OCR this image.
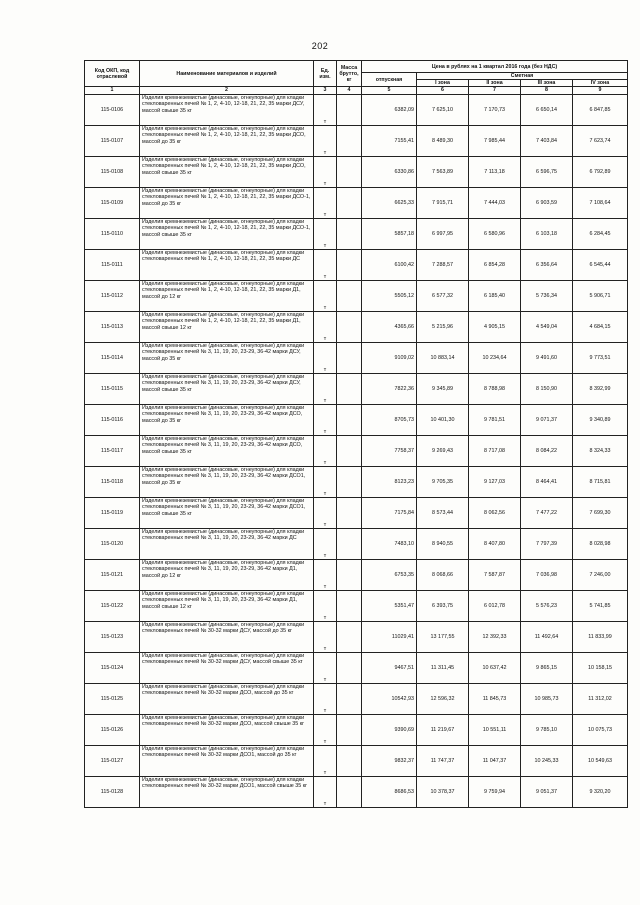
202
Код ОКП, код отраслевой	Наименование материалов и изделий	Ед. изм.	Масса брутто, кг	Цена в рублях на 1 квартал 2016 года (без НДС)				
				отпускная	Сметная			
					I зона	II зона	III зона	IV зона
1	2	3	4	5	6	7	8	9
115-0106	Изделия кремнеземистые (динасовые, огнеупорные) для кладки стекловаренных печей № 1, 2, 4-10, 12-18, 21, 22, 35 марки ДСУ, массой свыше 35 кг	т		6382,09	7 625,10	7 170,73	6 650,14	6 847,85
115-0107	Изделия кремнеземистые (динасовые, огнеупорные) для кладки стекловаренных печей № 1, 2, 4-10, 12-18, 21, 22, 35 марки ДСО, массой до 35 кг	т		7155,41	8 489,30	7 985,44	7 403,84	7 623,74
115-0108	Изделия кремнеземистые (динасовые, огнеупорные) для кладки стекловаренных печей № 1, 2, 4-10, 12-18, 21, 22, 35 марки ДСО, массой свыше 35 кг	т		6330,86	7 563,89	7 113,18	6 596,75	6 792,89
115-0109	Изделия кремнеземистые (динасовые, огнеупорные) для кладки стекловаренных печей № 1, 2, 4-10, 12-18, 21, 22, 35 марки ДСО-1, массой до 35 кг	т		6625,33	7 915,71	7 444,03	6 903,59	7 108,64
115-0110	Изделия кремнеземистые (динасовые, огнеупорные) для кладки стекловаренных печей № 1, 2, 4-10, 12-18, 21, 22, 35 марки ДСО-1, массой свыше 35 кг	т		5857,18	6 997,95	6 580,96	6 103,18	6 284,45
115-0111	Изделия кремнеземистые (динасовые, огнеупорные) для кладки стекловаренных печей № 1, 2, 4-10, 12-18, 21, 22, 35 марки ДС	т		6100,42	7 288,57	6 854,28	6 356,64	6 545,44
115-0112	Изделия кремнеземистые (динасовые, огнеупорные) для кладки стекловаренных печей № 1, 2, 4-10, 12-18, 21, 22, 35 марки Д1, массой до 12 кг	т		5505,12	6 577,32	6 185,40	5 736,34	5 906,71
115-0113	Изделия кремнеземистые (динасовые, огнеупорные) для кладки стекловаренных печей № 1, 2, 4-10, 12-18, 21, 22, 35 марки Д1, массой свыше 12 кг	т		4365,66	5 215,96	4 905,15	4 549,04	4 684,15
115-0114	Изделия кремнеземистые (динасовые, огнеупорные) для кладки стекловаренных печей № 3, 11, 19, 20, 23-29, 36-42 марки ДСУ, массой до 35 кг	т		9109,02	10 883,14	10 234,64	9 491,60	9 773,51
115-0115	Изделия кремнеземистые (динасовые, огнеупорные) для кладки стекловаренных печей № 3, 11, 19, 20, 23-29, 36-42 марки ДСУ, массой свыше 35 кг	т		7822,36	9 345,89	8 788,98	8 150,90	8 392,99
115-0116	Изделия кремнеземистые (динасовые, огнеупорные) для кладки стекловаренных печей № 3, 11, 19, 20, 23-29, 36-42 марки ДСО, массой до 35 кг	т		8705,73	10 401,30	9 781,51	9 071,37	9 340,89
115-0117	Изделия кремнеземистые (динасовые, огнеупорные) для кладки стекловаренных печей № 3, 11, 19, 20, 23-29, 36-42 марки ДСО, массой свыше 35 кг	т		7758,37	9 269,43	8 717,08	8 084,22	8 324,33
115-0118	Изделия кремнеземистые (динасовые, огнеупорные) для кладки стекловаренных печей № 3, 11, 19, 20, 23-29, 36-42 марки ДСО1, массой до 35 кг	т		8123,23	9 705,35	9 127,03	8 464,41	8 715,81
115-0119	Изделия кремнеземистые (динасовые, огнеупорные) для кладки стекловаренных печей № 3, 11, 19, 20, 23-29, 36-42 марки ДСО1, массой свыше 35 кг	т		7175,84	8 573,44	8 062,56	7 477,22	7 699,30
115-0120	Изделия кремнеземистые (динасовые, огнеупорные) для кладки стекловаренных печей № 3, 11, 19, 20, 23-29, 36-42 марки ДС	т		7483,10	8 940,55	8 407,80	7 797,39	8 028,98
115-0121	Изделия кремнеземистые (динасовые, огнеупорные) для кладки стекловаренных печей № 3, 11, 19, 20, 23-29, 36-42 марки Д1, массой до 12 кг	т		6753,35	8 068,66	7 587,87	7 036,98	7 246,00
115-0122	Изделия кремнеземистые (динасовые, огнеупорные) для кладки стекловаренных печей № 3, 11, 19, 20, 23-29, 36-42 марки Д1, массой свыше 12 кг	т		5351,47	6 393,75	6 012,78	5 576,23	5 741,85
115-0123	Изделия кремнеземистые (динасовые, огнеупорные) для кладки стекловаренных печей № 30-32 марки ДСУ, массой до 35 кг	т		11029,41	13 177,55	12 392,33	11 492,64	11 833,99
115-0124	Изделия кремнеземистые (динасовые, огнеупорные) для кладки стекловаренных печей № 30-32 марки ДСУ, массой свыше 35 кг	т		9467,51	11 311,45	10 637,42	9 865,15	10 158,15
115-0125	Изделия кремнеземистые (динасовые, огнеупорные) для кладки стекловаренных печей № 30-32 марки ДСО, массой до 35 кг	т		10542,93	12 596,32	11 845,73	10 985,73	11 312,02
115-0126	Изделия кремнеземистые (динасовые, огнеупорные) для кладки стекловаренных печей № 30-32 марки ДСО, массой свыше 35 кг	т		9390,69	11 219,67	10 551,11	9 785,10	10 075,73
115-0127	Изделия кремнеземистые (динасовые, огнеупорные) для кладки стекловаренных печей № 30-32 марки ДСО1, массой до 35 кг	т		9832,37	11 747,37	11 047,37	10 245,33	10 549,63
115-0128	Изделия кремнеземистые (динасовые, огнеупорные) для кладки стекловаренных печей № 30-32 марки ДСО1, массой свыше 35 кг	т		8686,53	10 378,37	9 759,94	9 051,37	9 320,20
